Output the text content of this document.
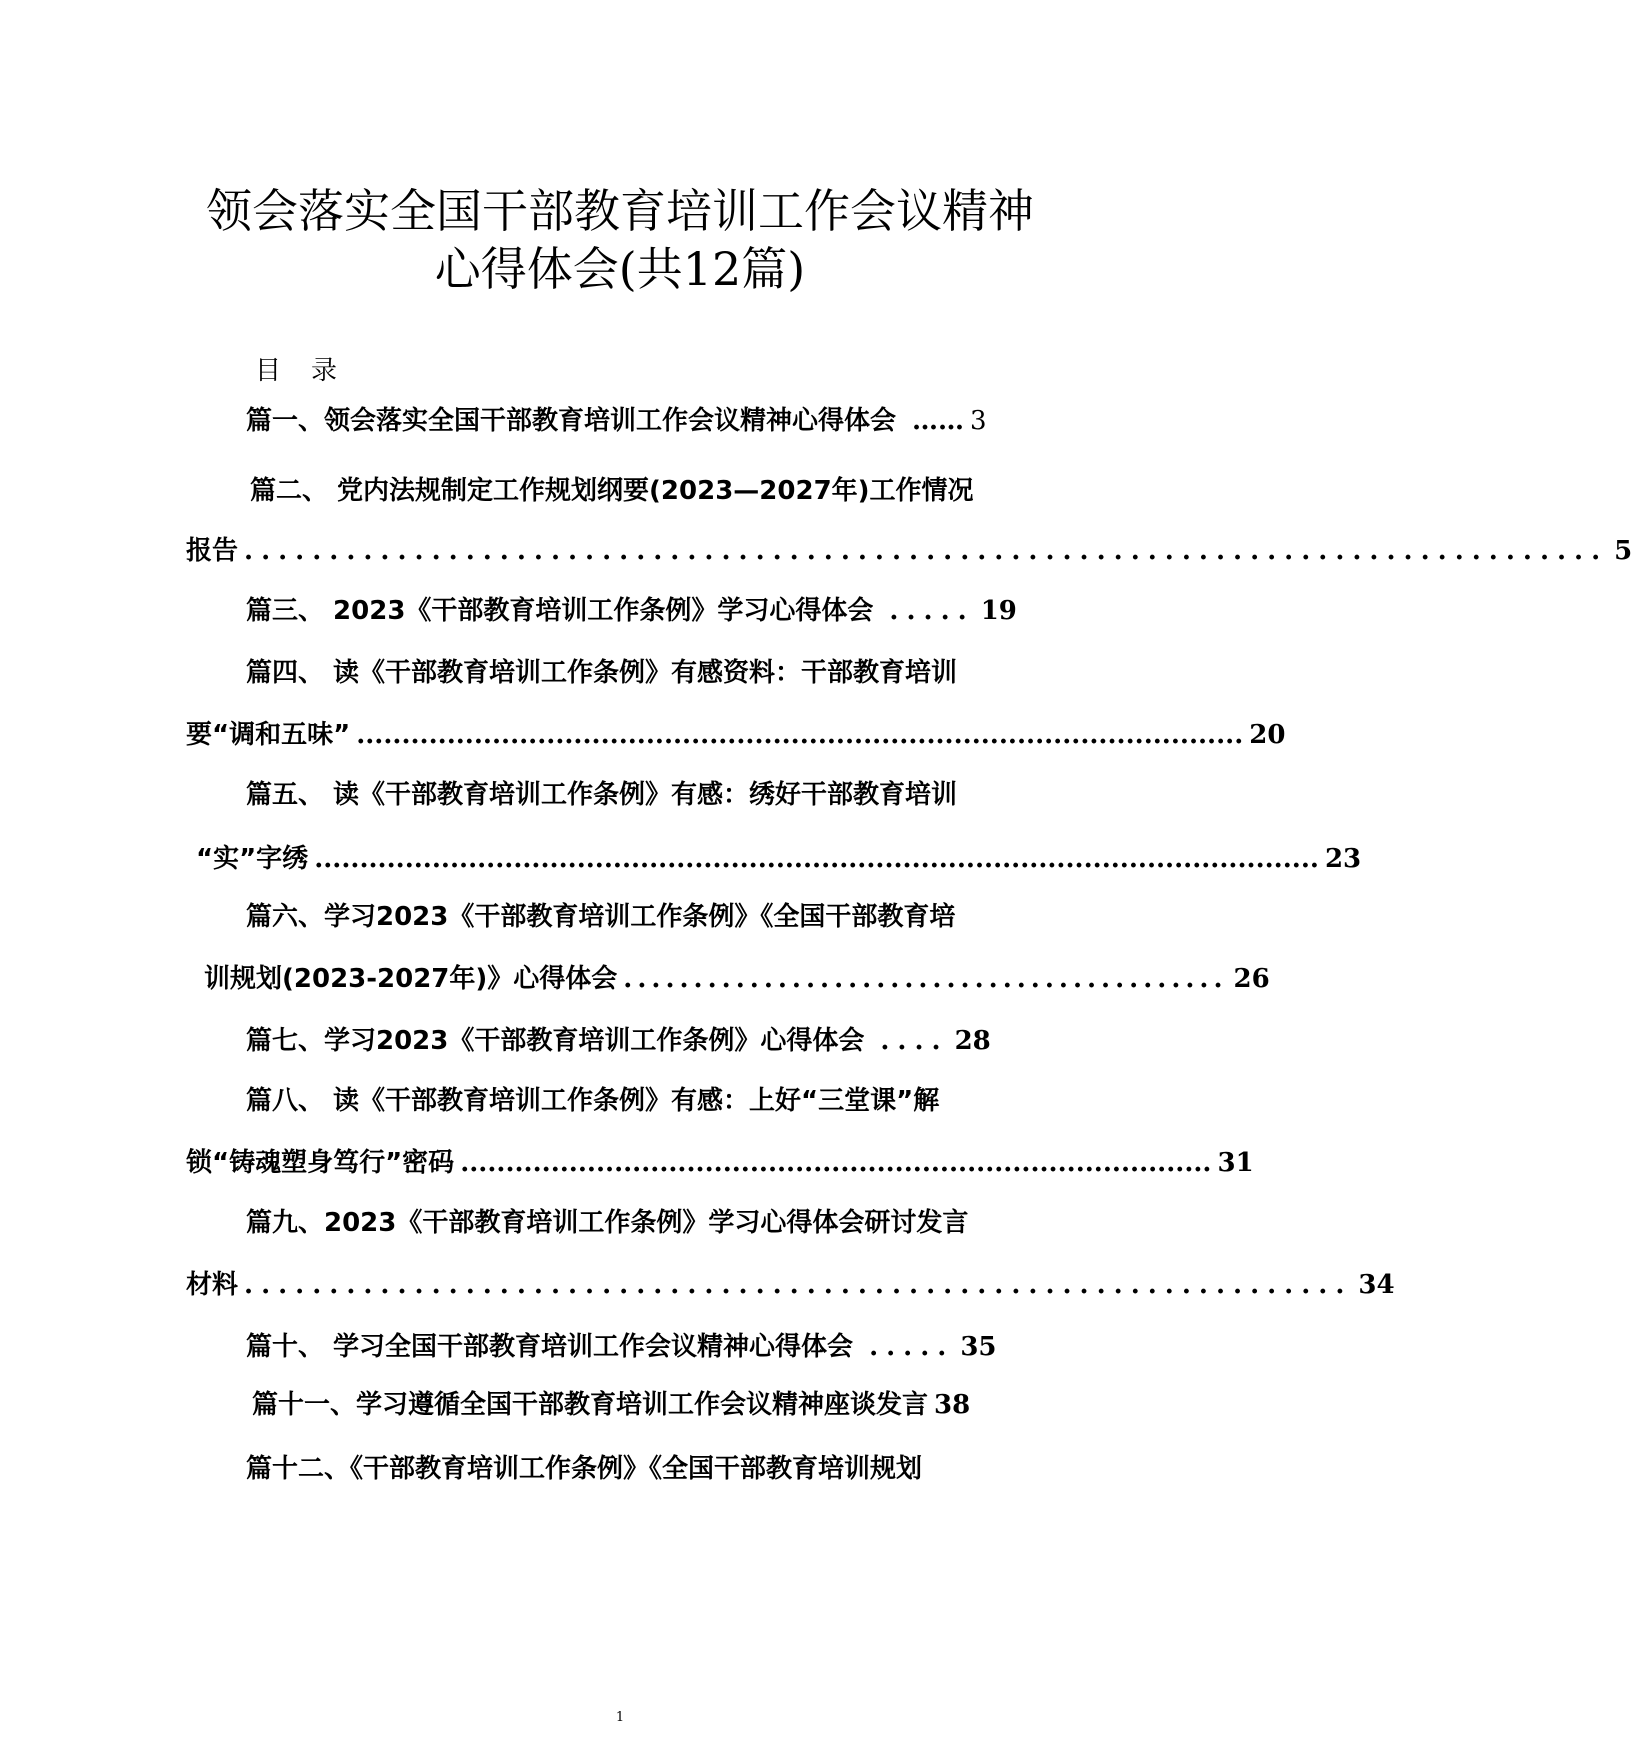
领会落实全国干部教育培训工作会议精神
心得体会(共12篇)
目录
篇一、领会落实全国干部教育培训工作会议精神心得体会 …… 3
篇二、 党内法规制定工作规划纲要(2023—2027年)工作情况
报告 ................................................................................ 5
篇三、 2023《干部教育培训工作条例》学习心得体会 ..... 19
篇四、 读《干部教育培训工作条例》有感资料：干部教育培训
要“调和五味” .................................................................................................. 20
篇五、 读《干部教育培训工作条例》有感：绣好干部教育培训
“实”字绣 ............................................................................................................... 23
篇六、学习2023《干部教育培训工作条例》《全国干部教育培
训规划(2023-2027年)》心得体会 ........................................... 26
篇七、学习2023《干部教育培训工作条例》心得体会 .... 28
篇八、 读《干部教育培训工作条例》有感：上好“三堂课”解
锁“铸魂塑身笃行”密码 ................................................................................... 31
篇九、2023《干部教育培训工作条例》学习心得体会研讨发言
材料 ................................................................. 34
篇十、 学习全国干部教育培训工作会议精神心得体会 ..... 35
篇十一、学习遵循全国干部教育培训工作会议精神座谈发言 38
篇十二、《干部教育培训工作条例》《全国干部教育培训规划
1
